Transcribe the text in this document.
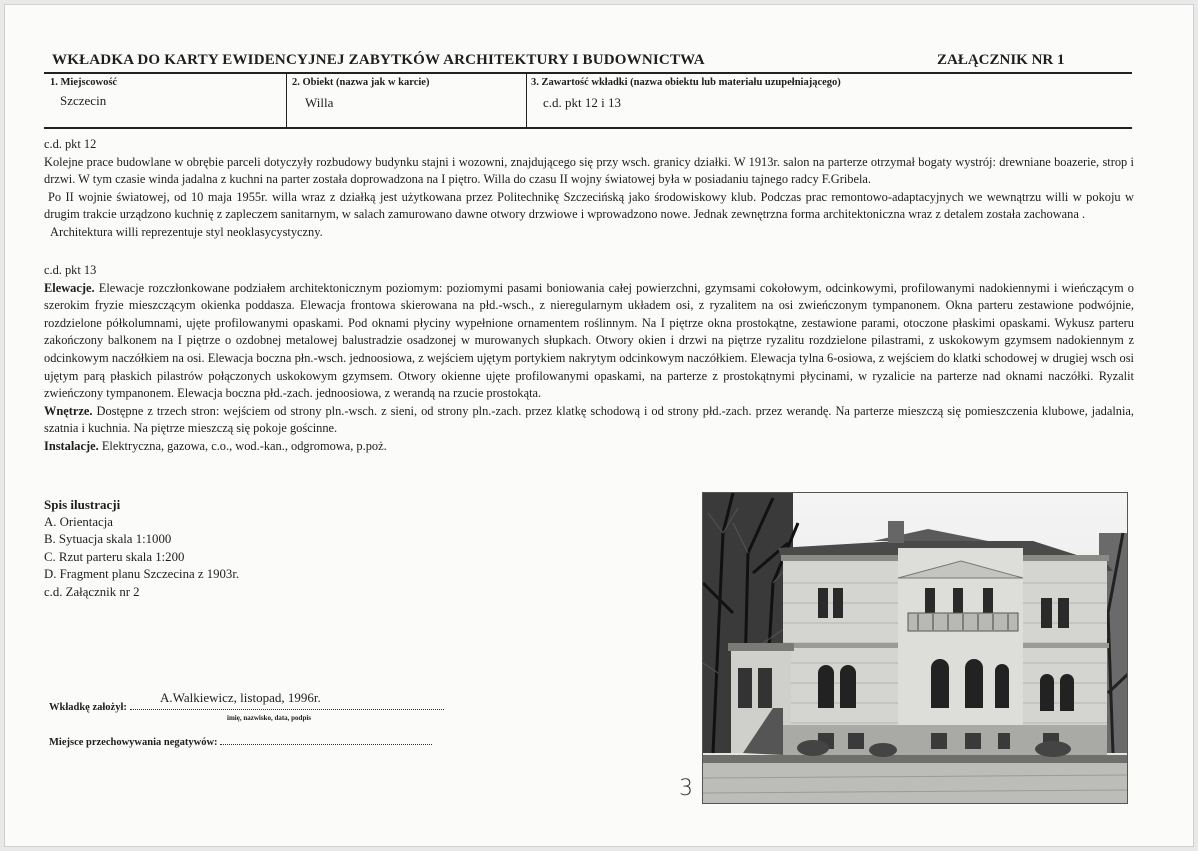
WKŁADKA DO KARTY EWIDENCYJNEJ ZABYTKÓW ARCHITEKTURY I BUDOWNICTWA	ZAŁĄCZNIK NR 1
1. Miejscowość
Szczecin
2. Obiekt (nazwa jak w karcie)
Willa
3. Zawartość wkładki (nazwa obiektu lub materiału uzupełniającego)
c.d. pkt 12 i 13

c.d. pkt 12

Kolejne prace budowlane w obrębie parceli dotyczyły rozbudowy budynku stajni i wozowni, znajdującego się przy wsch. granicy działki. W 1913r. salon na parterze otrzymał bogaty wystrój: drewniane boazerie, strop i drzwi. W tym czasie winda jadalna z kuchni na parter została doprowadzona na I piętro. Willa do czasu II wojny światowej była w posiadaniu tajnego radcy F.Gribela.

Po II wojnie światowej, od 10 maja 1955r. willa wraz z działką jest użytkowana przez Politechnikę Szczecińską jako środowiskowy klub. Podczas prac remontowo-adaptacyjnych we wewnątrzu willi w pokoju w drugim trakcie urządzono kuchnię z zapleczem sanitarnym, w salach zamurowano dawne otwory drzwiowe i wprowadzono nowe. Jednak zewnętrzna forma architektoniczna wraz z detalem została zachowana .

Architektura willi reprezentuje styl neoklasycystyczny.

c.d. pkt 13

Elewacje. Elewacje rozczłonkowane podziałem architektonicznym poziomym: poziomymi pasami boniowania całej powierzchni, gzymsami cokołowym, odcinkowymi, profilowanymi nadokiennymi i wieńczącym o szerokim fryzie mieszczącym okienka poddasza. Elewacja frontowa skierowana na płd.-wsch., z nieregularnym układem osi, z ryzalitem na osi zwieńczonym tympanonem. Okna parteru zestawione podwójnie, rozdzielone półkolumnami, ujęte profilowanymi opaskami. Pod oknami płyciny wypełnione ornamentem roślinnym. Na I piętrze okna prostokątne, zestawione parami, otoczone płaskimi opaskami. Wykusz parteru zakończony balkonem na I piętrze o ozdobnej metalowej balustradzie osadzonej w murowanych słupkach. Otwory okien i drzwi na piętrze ryzalitu rozdzielone pilastrami, z uskokowym gzymsem nadokiennym z odcinkowym naczółkiem na osi. Elewacja boczna płn.-wsch. jednoosiowa, z wejściem ujętym portykiem nakrytym odcinkowym naczółkiem. Elewacja tylna 6-osiowa, z wejściem do klatki schodowej w drugiej wsch osi ujętym parą płaskich pilastrów połączonych uskokowym gzymsem. Otwory okienne ujęte profilowanymi opaskami, na parterze z prostokątnymi płycinami, w ryzalicie na parterze nad oknami naczółki. Ryzalit zwieńczony tympanonem. Elewacja boczna płd.-zach. jednoosiowa, z werandą na rzucie prostokąta.

Wnętrze. Dostępne z trzech stron: wejściem od strony pln.-wsch. z sieni, od strony pln.-zach. przez klatkę schodową i od strony płd.-zach. przez werandę. Na parterze mieszczą się pomieszczenia klubowe, jadalnia, szatnia i kuchnia. Na piętrze mieszczą się pokoje gościnne.

Instalacje. Elektryczna, gazowa, c.o., wod.-kan., odgromowa, p.poż.

Spis ilustracji
A. Orientacja
B. Sytuacja skala 1:1000
C. Rzut parteru skala 1:200
D. Fragment planu Szczecina z 1903r.
c.d. Załącznik nr 2
Wkładkę założył:
A.Walkiewicz, listopad, 1996r.
imię, nazwisko, data, podpis
Miejsce przechowywania negatywów:
3
